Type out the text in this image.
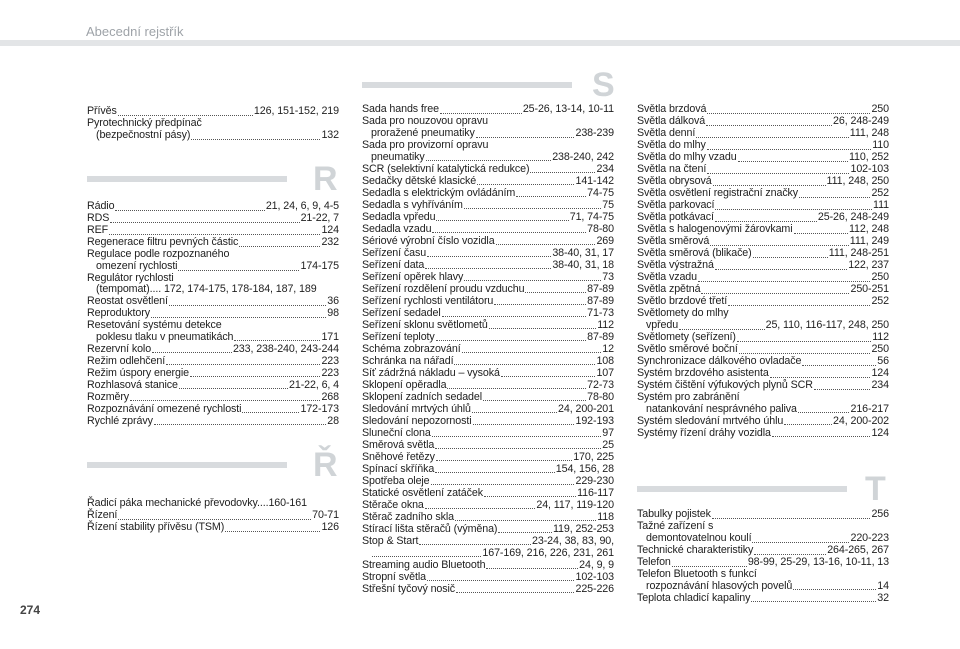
Abecední rejstřík
Přívěs	126, 151-152, 219
Pyrotechnický předpínač
(bezpečnostní pásy)	132
R
Rádio	21, 24, 6, 9, 4-5
RDS	21-22, 7
REF	124
Regenerace filtru pevných částic	232
Regulace podle rozpoznaného
omezení rychlosti	174-175
Regulátor rychlosti
(tempomat).... 172, 174-175, 178-184, 187, 189
Reostat osvětlení	36
Reproduktory	98
Resetování systému detekce
poklesu tlaku v pneumatikách	171
Rezervní kolo	233, 238-240, 243-244
Režim odlehčení	223
Režim úspory energie	223
Rozhlasová stanice	21-22, 6, 4
Rozměry	268
Rozpoznávání omezené rychlosti	172-173
Rychlé zprávy	28
Ř
Řadicí páka mechanické převodovky....160-161
Řízení	70-71
Řízení stability přívěsu (TSM)	126
S
Sada hands free	25-26, 13-14, 10-11
Sada pro nouzovou opravu
proražené pneumatiky	238-239
Sada pro provizorní opravu
pneumatiky	238-240, 242
SCR (selektivní katalytická redukce)	234
Sedačky dětské klasické	141-142
Sedadla s elektrickým ovládáním	74-75
Sedadla s vyhříváním	75
Sedadla vpředu	71, 74-75
Sedadla vzadu	78-80
Sériové výrobní číslo vozidla	269
Seřízení času	38-40, 31, 17
Seřízení data	38-40, 31, 18
Seřízení opěrek hlavy	73
Seřízení rozdělení proudu vzduchu	87-89
Seřízení rychlosti ventilátoru	87-89
Seřízení sedadel	71-73
Seřízení sklonu světlometů	112
Seřízení teploty	87-89
Schéma zobrazování	12
Schránka na nářadí	108
Síť zádržná nákladu – vysoká	107
Sklopení opěradla	72-73
Sklopení zadních sedadel	78-80
Sledování mrtvých úhlů	24, 200-201
Sledování nepozornosti	192-193
Sluneční clona	97
Směrová světla	25
Sněhové řetězy	170, 225
Spínací skříňka	154, 156, 28
Spotřeba oleje	229-230
Statické osvětlení zatáček	116-117
Stěrače okna	24, 117, 119-120
Stěrač zadního skla	118
Stírací lišta stěračů (výměna)	119, 252-253
Stop & Start	23-24, 38, 83, 90,
167-169, 216, 226, 231, 261
Streaming audio Bluetooth	24, 9, 9
Stropní světla	102-103
Střešní tyčový nosič	225-226
Světla brzdová	250
Světla dálková	26, 248-249
Světla denní	111, 248
Světla do mlhy	110
Světla do mlhy vzadu	110, 252
Světla na čtení	102-103
Světla obrysová	111, 248, 250
Světla osvětlení registrační značky	252
Světla parkovací	111
Světla potkávací	25-26, 248-249
Světla s halogenovými žárovkami	112, 248
Světla směrová	111, 249
Světla směrová (blikače)	111, 248-251
Světla výstražná	122, 237
Světla vzadu	250
Světla zpětná	250-251
Světlo brzdové třetí	252
Světlomety do mlhy
vpředu	25, 110, 116-117, 248, 250
Světlomety (seřízení)	112
Světlo směrové boční	250
Synchronizace dálkového ovladače	56
Systém brzdového asistenta	124
Systém čištění výfukových plynů SCR	234
Systém pro zabránění
natankování nesprávného paliva	216-217
Systém sledování mrtvého úhlu	24, 200-202
Systémy řízení dráhy vozidla	124
T
Tabulky pojistek	256
Tažné zařízení s
demontovatelnou koulí	220-223
Technické charakteristiky	264-265, 267
Telefon	98-99, 25-29, 13-16, 10-11, 13
Telefon Bluetooth s funkcí
rozpoznávání hlasových povelů	14
Teplota chladicí kapaliny	32
274
